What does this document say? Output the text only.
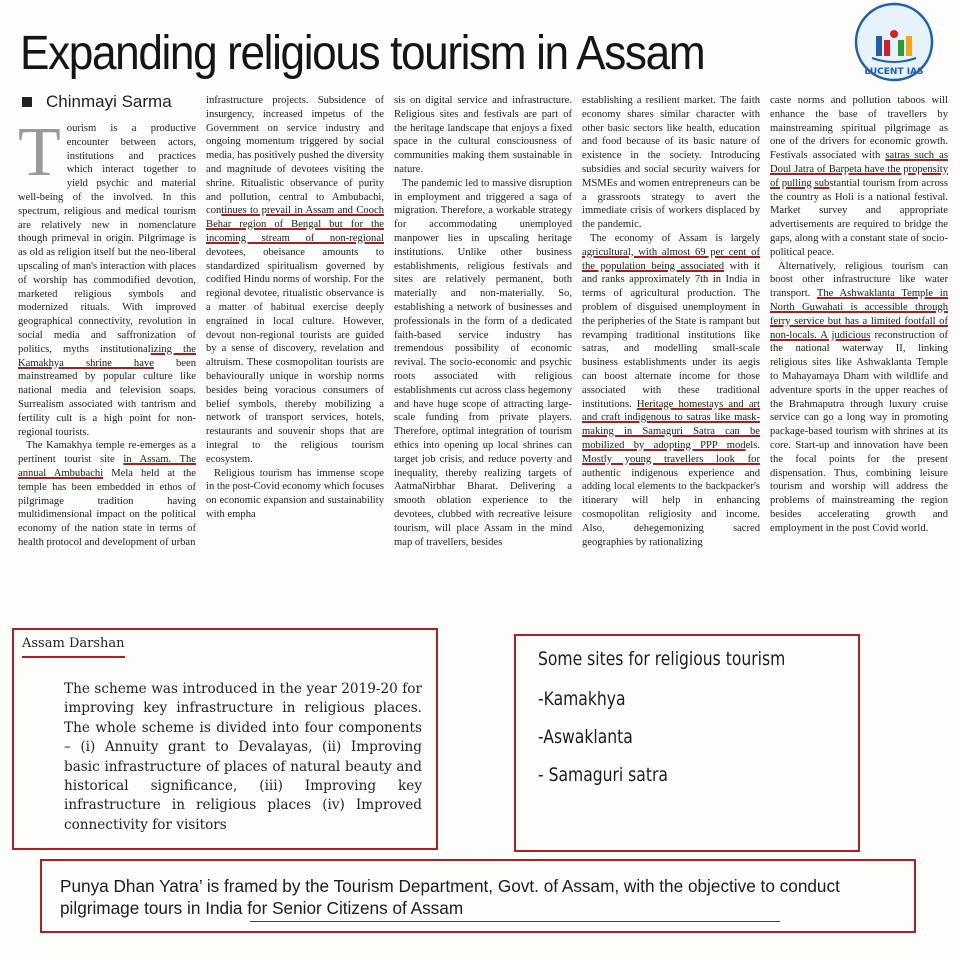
Expanding religious tourism in Assam
Chinmayi Sarma
LUCENT IAS

Tourism is a productive encounter between actors, institutions and practices which interact together to yield psychic and material well-being of the involved. In this spectrum, religious and medical tourism are relatively new in nomenclature though primeval in origin. Pilgrimage is as old as religion itself but the neo-liberal upscaling of man's interaction with places of worship has commodified devotion, marketed religious symbols and modernized rituals. With improved geographical connectivity, revolution in social media and saffronization of politics, myths institutionalizing the Kamakhya shrine have been mainstreamed by popular culture like national media and television soaps. Surrealism associated with tantrism and fertility cult is a high point for non-regional tourists.

The Kamakhya temple re-emerges as a pertinent tourist site in Assam. The annual Ambubachi Mela held at the temple has been embedded in ethos of pilgrimage tradition having multidimensional impact on the political economy of the nation state in terms of health protocol and development of urban

infrastructure projects. Subsidence of insurgency, increased impetus of the Government on service industry and ongoing momentum triggered by social media, has positively pushed the diversity and magnitude of devotees visiting the shrine. Ritualistic observance of purity and pollution, central to Ambubachi, continues to prevail in Assam and Cooch Behar region of Bengal but for the incoming stream of non-regional devotees, obeisance amounts to standardized spiritualism governed by codified Hindu norms of worship. For the regional devotee, ritualistic observance is a matter of habitual exercise deeply engrained in local culture. However, devout non-regional tourists are guided by a sense of discovery, revelation and altruism. These cosmopolitan tourists are behaviourally unique in worship norms besides being voracious consumers of belief symbols, thereby mobilizing a network of transport services, hotels, restaurants and souvenir shops that are integral to the religious tourism ecosystem.

Religious tourism has immense scope in the post-Covid economy which focuses on economic expansion and sustainability with empha

sis on digital service and infrastructure. Religious sites and festivals are part of the heritage landscape that enjoys a fixed space in the cultural consciousness of communities making them sustainable in nature.

The pandemic led to massive disruption in employment and triggered a saga of migration. Therefore, a workable strategy for accommodating unemployed manpower lies in upscaling heritage institutions. Unlike other business establishments, religious festivals and sites are relatively permanent, both materially and non-materially. So, establishing a network of businesses and professionals in the form of a dedicated faith-based service industry has tremendous possibility of economic revival. The socio-economic and psychic roots associated with religious establishments cut across class hegemony and have huge scope of attracting large-scale funding from private players. Therefore, optimal integration of tourism ethics into opening up local shrines can target job crisis, and reduce poverty and inequality, thereby realizing targets of AatmaNirbhar Bharat. Delivering a smooth oblation experience to the devotees, clubbed with recreative leisure tourism, will place Assam in the mind map of travellers, besides

establishing a resilient market. The faith economy shares similar character with other basic sectors like health, education and food because of its basic nature of existence in the society. Introducing subsidies and social security waivers for MSMEs and women entrepreneurs can be a grassroots strategy to avert the immediate crisis of workers displaced by the pandemic.

The economy of Assam is largely agricultural, with almost 69 per cent of the population being associated with it and ranks approximately 7th in India in terms of agricultural production. The problem of disguised unemployment in the peripheries of the State is rampant but revamping traditional institutions like satras, and modelling small-scale business establishments under its aegis can boost alternate income for those associated with these traditional institutions. Heritage homestays and art and craft indigenous to satras like mask-making in Samaguri Satra can be mobilized by adopting PPP models. Mostly young travellers look for authentic indigenous experience and adding local elements to the backpacker's itinerary will help in enhancing cosmopolitan religiosity and income. Also, dehegemonizing sacred geographies by rationalizing

caste norms and pollution taboos will enhance the base of travellers by mainstreaming spiritual pilgrimage as one of the drivers for economic growth. Festivals associated with satras such as Doul Jatra of Barpeta have the propensity of pulling substantial tourism from across the country as Holi is a national festival. Market survey and appropriate advertisements are required to bridge the gaps, along with a constant state of socio-political peace.

Alternatively, religious tourism can boost other infrastructure like water transport. The Ashwaklanta Temple in North Guwahati is accessible through ferry service but has a limited footfall of non-locals. A judicious reconstruction of the national waterway II, linking religious sites like Ashwaklanta Temple to Mahayamaya Dham with wildlife and adventure sports in the upper reaches of the Brahmaputra through luxury cruise service can go a long way in promoting package-based tourism with shrines at its core. Start-up and innovation have been the focal points for the present dispensation. Thus, combining leisure tourism and worship will address the problems of mainstreaming the region besides accelerating growth and employment in the post Covid world.

Assam Darshan

The scheme was introduced in the year 2019-20 for improving key infrastructure in religious places. The whole scheme is divided into four components – (i) Annuity grant to Devalayas, (ii) Improving basic infrastructure of places of natural beauty and historical significance, (iii) Improving key infrastructure in religious places (iv) Improved connectivity for visitors

Some sites for religious tourism
-Kamakhya
-Aswaklanta
- Samaguri satra

Punya Dhan Yatra’ is framed by the Tourism Department, Govt. of Assam, with the objective to conduct pilgrimage tours in India for Senior Citizens of Assam
